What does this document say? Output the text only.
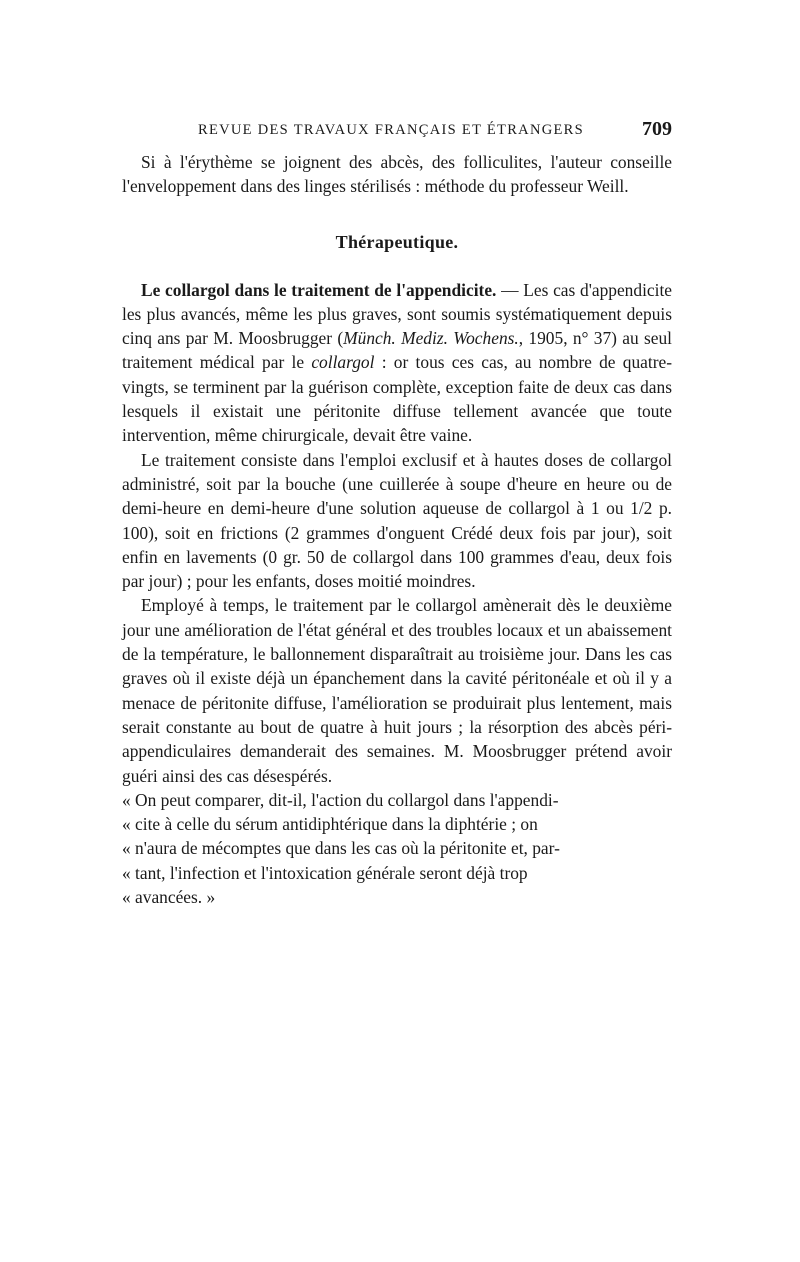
REVUE DES TRAVAUX FRANÇAIS ET ÉTRANGERS	709

Si à l'érythème se joignent des abcès, des folliculites, l'auteur conseille l'enveloppement dans des linges stérilisés : méthode du professeur Weill.

Thérapeutique.

Le collargol dans le traitement de l'appendicite. — Les cas d'appendicite les plus avancés, même les plus graves, sont soumis systématiquement depuis cinq ans par M. Moosbrugger (Münch. Mediz. Wochens., 1905, n° 37) au seul traitement médical par le collargol : or tous ces cas, au nombre de quatre-vingts, se terminent par la guérison complète, exception faite de deux cas dans lesquels il existait une péritonite diffuse tellement avancée que toute intervention, même chirurgicale, devait être vaine.

Le traitement consiste dans l'emploi exclusif et à hautes doses de collargol administré, soit par la bouche (une cuillerée à soupe d'heure en heure ou de demi-heure en demi-heure d'une solution aqueuse de collargol à 1 ou 1/2 p. 100), soit en frictions (2 grammes d'onguent Crédé deux fois par jour), soit enfin en lavements (0 gr. 50 de collargol dans 100 grammes d'eau, deux fois par jour) ; pour les enfants, doses moitié moindres.

Employé à temps, le traitement par le collargol amènerait dès le deuxième jour une amélioration de l'état général et des troubles locaux et un abaissement de la température, le ballonnement disparaîtrait au troisième jour. Dans les cas graves où il existe déjà un épanchement dans la cavité péritonéale et où il y a menace de péritonite diffuse, l'amélioration se produirait plus lentement, mais serait constante au bout de quatre à huit jours ; la résorption des abcès péri-appendiculaires demanderait des semaines. M. Moosbrugger prétend avoir guéri ainsi des cas désespérés.

« On peut comparer, dit-il, l'action du collargol dans l'appendi-

« cite à celle du sérum antidiphtérique dans la diphtérie ; on

« n'aura de mécomptes que dans les cas où la péritonite et, par-

« tant, l'infection et l'intoxication générale seront déjà trop

« avancées. »
